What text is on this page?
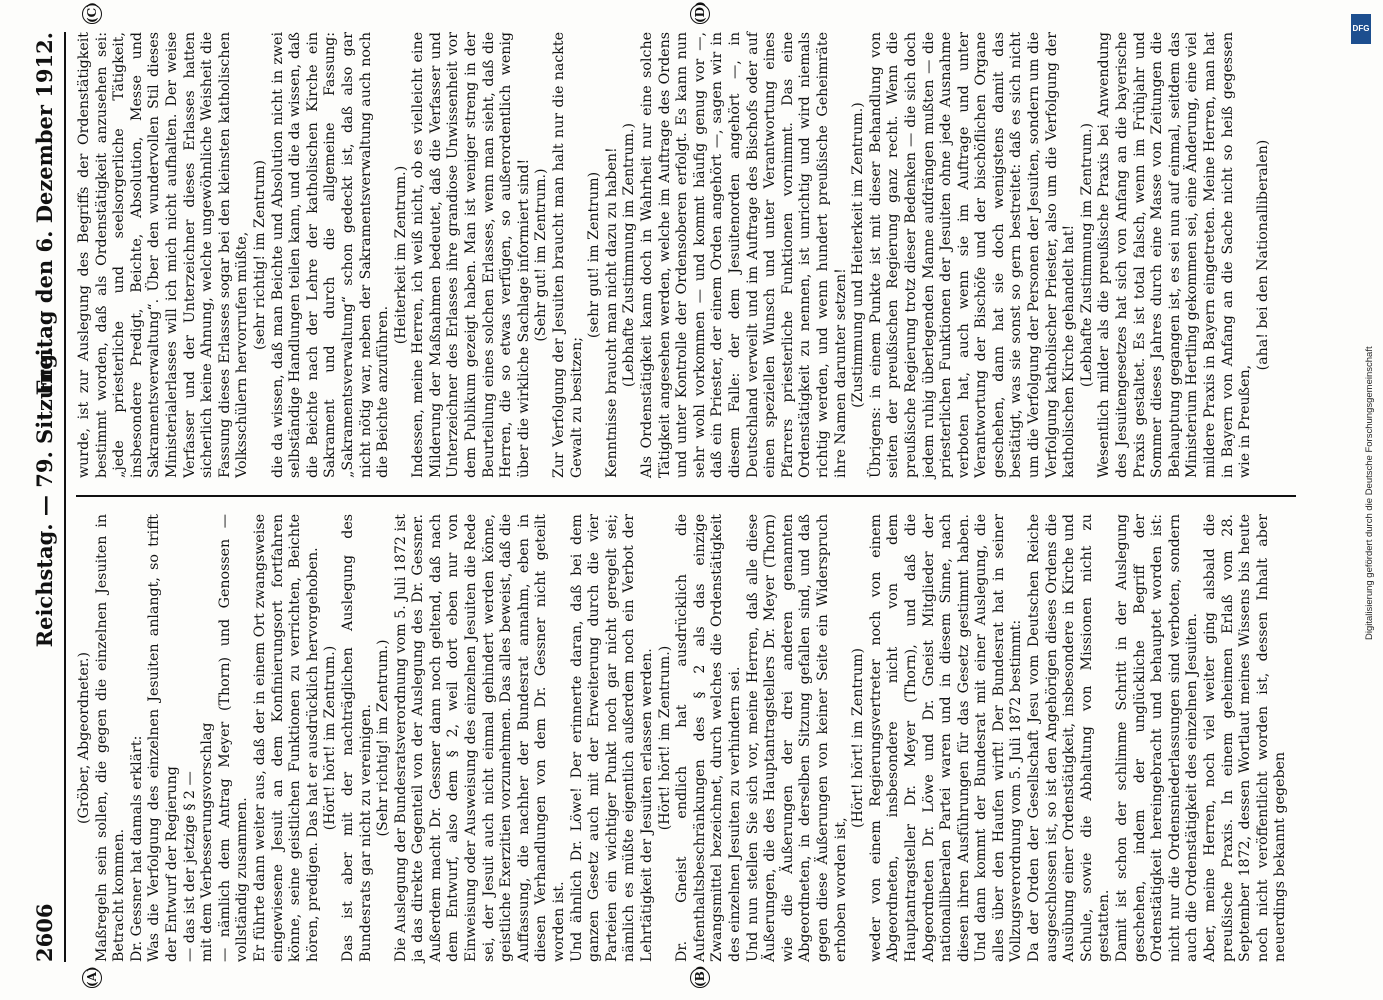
2606
Reichstag. — 79. Sitzung.
Freitag den 6. Dezember 1912.
(A)	(B)
(C)	(D)

(Gröber, Abgeordneter.) Maßregeln sein sollen, die gegen die einzelnen Jesuiten in Betracht kommen. Dr. Gessner hat damals erklärt: Was die Verfolgung des einzelnen Jesuiten anlangt, so trifft der Entwurf der Regierung — das ist der jetzige § 2 — mit dem Verbesserungsvorschlag — nämlich dem Antrag Meyer (Thorn) und Genossen — vollständig zusammen. Er führte dann weiter aus, daß der in einem Ort zwangsweise eingewiesene Jesuit an dem Konfinierungsort fortfahren könne, seine geistlichen Funktionen zu verrichten, Beichte hören, predigen. Das hat er ausdrücklich hervorgehoben. (Hört! hört! im Zentrum.) Das ist aber mit der nachträglichen Auslegung des Bundesrats gar nicht zu vereinigen. (Sehr richtig! im Zentrum.) Die Auslegung der Bundesratsverordnung vom 5. Juli 1872 ist ja das direkte Gegenteil von der Auslegung des Dr. Gessner. Außerdem macht Dr. Gessner dann noch geltend, daß nach dem Entwurf, also dem § 2, weil dort eben nur von Einweisung oder Ausweisung des einzelnen Jesuiten die Rede sei, der Jesuit auch nicht einmal gehindert werden könne, geistliche Exerzitien vorzunehmen. Das alles beweist, daß die Auffassung, die nachher der Bundesrat annahm, eben in diesen Verhandlungen von dem Dr. Gessner nicht geteilt worden ist. Und ähnlich Dr. Löwe! Der erinnerte daran, daß bei dem ganzen Gesetz auch mit der Erweiterung durch die vier Parteien ein wichtiger Punkt noch gar nicht geregelt sei; nämlich es müßte eigentlich außerdem noch ein Verbot der Lehrtätigkeit der Jesuiten erlassen werden. (Hört! hört! im Zentrum.) Dr. Gneist endlich hat ausdrücklich die Aufenthaltsbeschränkungen des § 2 als das einzige Zwangsmittel bezeichnet, durch welches die Ordenstätigkeit des einzelnen Jesuiten zu verhindern sei. Und nun stellen Sie sich vor, meine Herren, daß alle diese Äußerungen, die des Hauptantragstellers Dr. Meyer (Thorn) wie die Äußerungen der drei anderen genannten Abgeordneten, in derselben Sitzung gefallen sind, und daß gegen diese Äußerungen von keiner Seite ein Widerspruch erhoben worden ist,

(Hört! hört! im Zentrum) weder von einem Regierungsvertreter noch von einem Abgeordneten, insbesondere nicht von dem Hauptantragsteller Dr. Meyer (Thorn), und daß die Abgeordneten Dr. Löwe und Dr. Gneist Mitglieder der nationalliberalen Partei waren und in diesem Sinne, nach diesen ihren Ausführungen für das Gesetz gestimmt haben. Und dann kommt der Bundesrat mit einer Auslegung, die alles über den Haufen wirft! Der Bundesrat hat in seiner Vollzugsverordnung vom 5. Juli 1872 bestimmt: Da der Orden der Gesellschaft Jesu vom Deutschen Reiche ausgeschlossen ist, so ist den Angehörigen dieses Ordens die Ausübung einer Ordenstätigkeit, insbesondere in Kirche und Schule, sowie die Abhaltung von Missionen nicht zu gestatten. Damit ist schon der schlimme Schritt in der Auslegung geschehen, indem der unglückliche Begriff der Ordenstätigkeit hereingebracht und behauptet worden ist: nicht nur die Ordensniederlassungen sind verboten, sondern auch die Ordenstätigkeit des einzelnen Jesuiten. Aber, meine Herren, noch viel weiter ging alsbald die preußische Praxis. In einem geheimen Erlaß vom 28. September 1872, dessen Wortlaut meines Wissens bis heute noch nicht veröffentlicht worden ist, dessen Inhalt aber neuerdings bekannt gegeben

wurde, ist zur Auslegung des Begriffs der Ordenstätigkeit bestimmt worden, daß als Ordenstätigkeit anzusehen sei: „jede priesterliche und seelsorgerliche Tätigkeit, insbesondere Predigt, Beichte, Absolution, Messe und Sakramentsverwaltung“. Über den wundervollen Stil dieses Ministerialerlasses will ich mich nicht aufhalten. Der weise Verfasser und der Unterzeichner dieses Erlasses hatten sicherlich keine Ahnung, welche ungewöhnliche Weisheit die Fassung dieses Erlasses sogar bei den kleinsten katholischen Volksschülern hervorrufen müßte, (sehr richtig! im Zentrum) die da wissen, daß man Beichte und Absolution nicht in zwei selbständige Handlungen teilen kann, und die da wissen, daß die Beichte nach der Lehre der katholischen Kirche ein Sakrament und durch die allgemeine Fassung: „Sakramentsverwaltung“ schon gedeckt ist, daß also gar nicht nötig war, neben der Sakramentsverwaltung auch noch die Beichte anzuführen.

(Heiterkeit im Zentrum.) Indessen, meine Herren, ich weiß nicht, ob es vielleicht eine Milderung der Maßnahmen bedeutet, daß die Verfasser und Unterzeichner des Erlasses ihre grandiose Unwissenheit vor dem Publikum gezeigt haben. Man ist weniger streng in der Beurteilung eines solchen Erlasses, wenn man sieht, daß die Herren, die so etwas verfügen, so außerordentlich wenig über die wirkliche Sachlage informiert sind! (Sehr gut! im Zentrum.) Zur Verfolgung der Jesuiten braucht man halt nur die nackte Gewalt zu besitzen;

(sehr gut! im Zentrum) Kenntnisse braucht man nicht dazu zu haben! (Lebhafte Zustimmung im Zentrum.) Als Ordenstätigkeit kann doch in Wahrheit nur eine solche Tätigkeit angesehen werden, welche im Auftrage des Ordens und unter Kontrolle der Ordensoberen erfolgt. Es kann nun sehr wohl vorkommen — und kommt häufig genug vor —, daß ein Priester, der einem Orden angehört —, sagen wir in diesem Falle: der dem Jesuitenorden angehört —, in Deutschland verweilt und im Auftrage des Bischofs oder auf einen speziellen Wunsch und unter Verantwortung eines Pfarrers priesterliche Funktionen vornimmt. Das eine Ordenstätigkeit zu nennen, ist unrichtig und wird niemals richtig werden, und wenn hundert preußische Geheimräte ihre Namen darunter setzen! (Zustimmung und Heiterkeit im Zentrum.) Übrigens: in einem Punkte ist mit dieser Behandlung von seiten der preußischen Regierung ganz recht. Wenn die preußische Regierung trotz dieser Bedenken — die sich doch jedem ruhig überlegenden Manne aufdrängen mußten — die priesterlichen Funktionen der Jesuiten ohne jede Ausnahme verboten hat, auch wenn sie im Auftrage und unter Verantwortung der Bischöfe und der bischöflichen Organe geschehen, dann hat sie doch wenigstens damit das bestätigt, was sie sonst so gern bestreitet: daß es sich nicht um die Verfolgung der Personen der Jesuiten, sondern um die Verfolgung katholischer Priester, also um die Verfolgung der katholischen Kirche gehandelt hat! (Lebhafte Zustimmung im Zentrum.) Wesentlich milder als die preußische Praxis bei Anwendung des Jesuitengesetzes hat sich von Anfang an die bayerische Praxis gestaltet. Es ist total falsch, wenn im Frühjahr und Sommer dieses Jahres durch eine Masse von Zeitungen die Behauptung gegangen ist, es sei nun auf einmal, seitdem das Ministerium Hertling gekommen sei, eine Änderung, eine viel mildere Praxis in Bayern eingetreten. Meine Herren, man hat in Bayern von Anfang an die Sache nicht so heiß gegessen wie in Preußen,

(aha! bei den Nationalliberalen)

DFG
Digitalisierung gefördert durch die Deutsche Forschungsgemeinschaft
